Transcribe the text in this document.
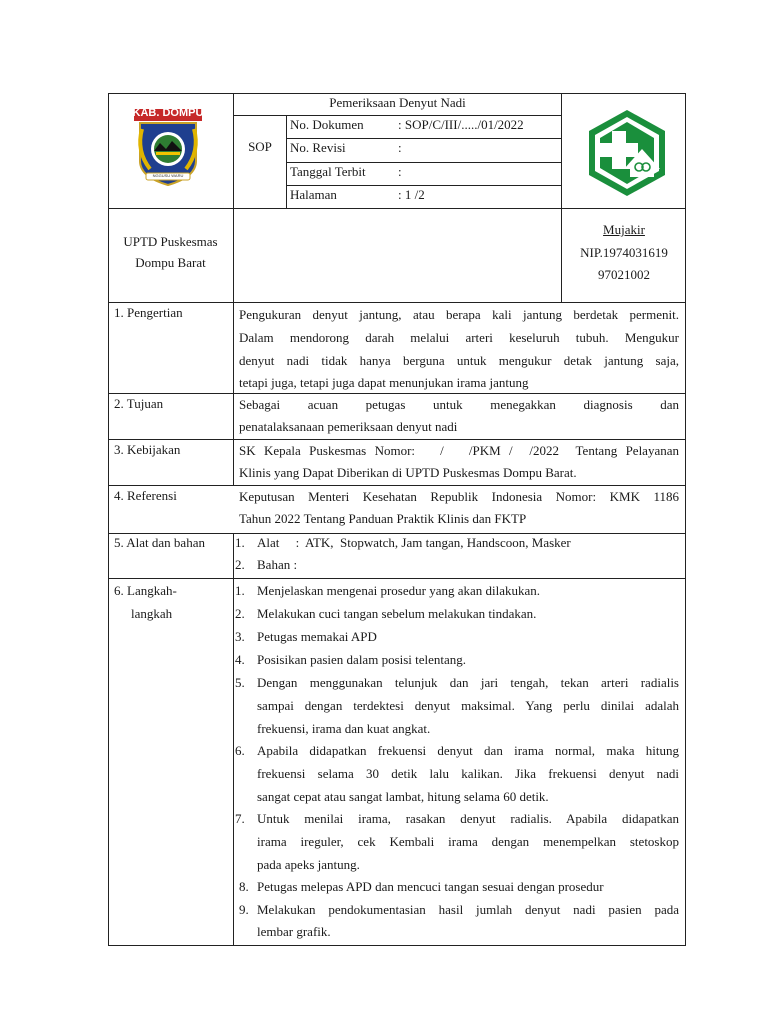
KAB. DOMPU
NGGUSU WARU
Pemeriksaan Denyut Nadi
SOP
No. Dokumen	: SOP/C/III/...../01/2022
No. Revisi	:
Tanggal Terbit :
Halaman	: 1 /2
UPTD Puskesmas
Dompu Barat
Mujakir
NIP.1974031619
97021002
1. Pengertian	Pengukuran denyut jantung, atau berapa kali jantung berdetak permenit.
Dalam mendorong darah melalui arteri keseluruh tubuh. Mengukur
denyut nadi tidak hanya berguna untuk mengukur detak jantung saja,
tetapi juga, tetapi juga dapat menunjukan irama jantung
2. Tujuan	Sebagai acuan petugas untuk menegakkan diagnosis dan
penatalaksanaan pemeriksaan denyut nadi
3. Kebijakan	SK Kepala Puskesmas Nomor:   /   /PKM /  /2022  Tentang Pelayanan
Klinis yang Dapat Diberikan di UPTD Puskesmas Dompu Barat.
4. Referensi	Keputusan Menteri Kesehatan Republik Indonesia Nomor: KMK 1186
Tahun 2022 Tentang Panduan Praktik Klinis dan FKTP
5. Alat dan bahan 1. Alat     :  ATK,  Stopwatch, Jam tangan, Handscoon, Masker
2. Bahan :
6. Langkah-
langkah
1. Menjelaskan mengenai prosedur yang akan dilakukan.
2. Melakukan cuci tangan sebelum melakukan tindakan.
3. Petugas memakai APD
4. Posisikan pasien dalam posisi telentang.
5. Dengan menggunakan telunjuk dan jari tengah, tekan arteri radialis
sampai dengan terdektesi denyut maksimal. Yang perlu dinilai adalah
frekuensi, irama dan kuat angkat.
6. Apabila didapatkan frekuensi denyut dan irama normal, maka hitung
frekuensi selama 30 detik lalu kalikan. Jika frekuensi denyut nadi
sangat cepat atau sangat lambat, hitung selama 60 detik.
7. Untuk menilai irama, rasakan denyut radialis. Apabila didapatkan
irama ireguler, cek Kembali irama dengan menempelkan stetoskop
pada apeks jantung.
8. Petugas melepas APD dan mencuci tangan sesuai dengan prosedur
9. Melakukan pendokumentasian hasil jumlah denyut nadi pasien pada
lembar grafik.
